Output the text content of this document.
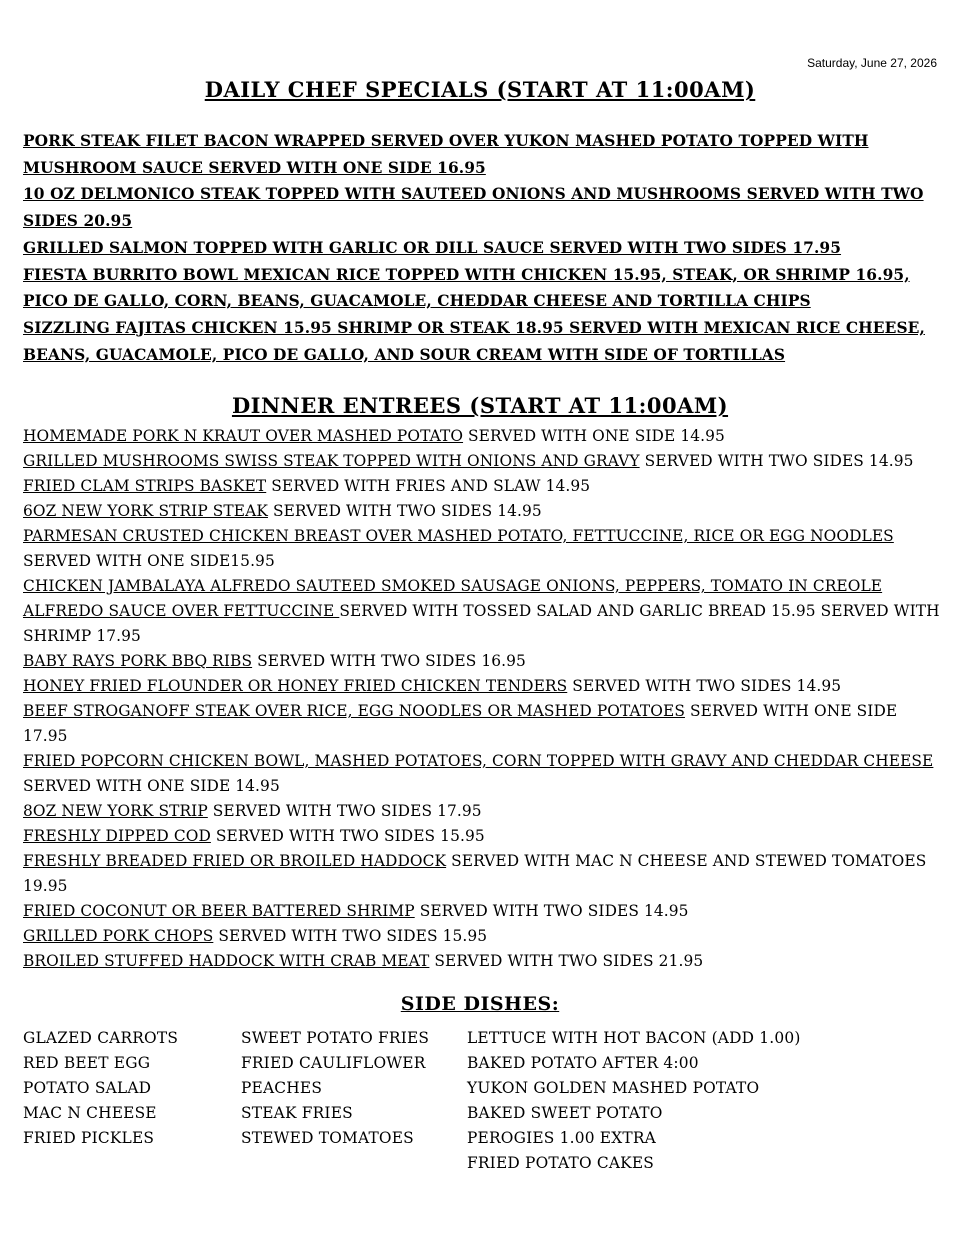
Saturday, June 27, 2026
DAILY CHEF SPECIALS (START AT 11:00AM)
PORK STEAK FILET BACON WRAPPED SERVED OVER YUKON MASHED POTATO TOPPED WITH MUSHROOM SAUCE SERVED WITH ONE SIDE 16.95
10 OZ DELMONICO STEAK TOPPED WITH SAUTEED ONIONS AND MUSHROOMS SERVED WITH TWO SIDES 20.95
GRILLED SALMON TOPPED WITH GARLIC OR DILL SAUCE SERVED WITH TWO SIDES 17.95
FIESTA BURRITO BOWL MEXICAN RICE TOPPED WITH CHICKEN 15.95, STEAK, OR SHRIMP 16.95, PICO DE GALLO, CORN, BEANS, GUACAMOLE, CHEDDAR CHEESE AND TORTILLA CHIPS
SIZZLING FAJITAS CHICKEN 15.95 SHRIMP OR STEAK 18.95 SERVED WITH MEXICAN RICE CHEESE, BEANS, GUACAMOLE, PICO DE GALLO, AND SOUR CREAM WITH SIDE OF TORTILLAS
DINNER ENTREES (START AT 11:00AM)
HOMEMADE PORK N KRAUT OVER MASHED POTATO SERVED WITH ONE SIDE 14.95
GRILLED MUSHROOMS SWISS STEAK TOPPED WITH ONIONS AND GRAVY SERVED WITH TWO SIDES 14.95
FRIED CLAM STRIPS BASKET SERVED WITH FRIES AND SLAW 14.95
6OZ NEW YORK STRIP STEAK SERVED WITH TWO SIDES 14.95
PARMESAN CRUSTED CHICKEN BREAST OVER MASHED POTATO, FETTUCCINE, RICE OR EGG NOODLES SERVED WITH ONE SIDE15.95
CHICKEN JAMBALAYA ALFREDO SAUTEED SMOKED SAUSAGE ONIONS, PEPPERS, TOMATO IN CREOLE ALFREDO SAUCE OVER FETTUCCINE SERVED WITH TOSSED SALAD AND GARLIC BREAD 15.95 SERVED WITH SHRIMP 17.95
BABY RAYS PORK BBQ RIBS SERVED WITH TWO SIDES 16.95
HONEY FRIED FLOUNDER OR HONEY FRIED CHICKEN TENDERS SERVED WITH TWO SIDES 14.95
BEEF STROGANOFF STEAK OVER RICE, EGG NOODLES OR MASHED POTATOES SERVED WITH ONE SIDE 17.95
FRIED POPCORN CHICKEN BOWL, MASHED POTATOES, CORN TOPPED WITH GRAVY AND CHEDDAR CHEESE SERVED WITH ONE SIDE 14.95
8OZ NEW YORK STRIP SERVED WITH TWO SIDES 17.95
FRESHLY DIPPED COD SERVED WITH TWO SIDES 15.95
FRESHLY BREADED FRIED OR BROILED HADDOCK SERVED WITH MAC N CHEESE AND STEWED TOMATOES 19.95
FRIED COCONUT OR BEER BATTERED SHRIMP SERVED WITH TWO SIDES 14.95
GRILLED PORK CHOPS SERVED WITH TWO SIDES 15.95
BROILED STUFFED HADDOCK WITH CRAB MEAT SERVED WITH TWO SIDES 21.95
SIDE DISHES:
GLAZED CARROTS
RED BEET EGG
POTATO SALAD
MAC N CHEESE
FRIED PICKLES
SWEET POTATO FRIES
FRIED CAULIFLOWER
PEACHES
STEAK FRIES
STEWED TOMATOES
LETTUCE WITH HOT BACON (ADD 1.00)
BAKED POTATO AFTER 4:00
YUKON GOLDEN MASHED POTATO
BAKED SWEET POTATO
PEROGIES 1.00 EXTRA
FRIED POTATO CAKES
